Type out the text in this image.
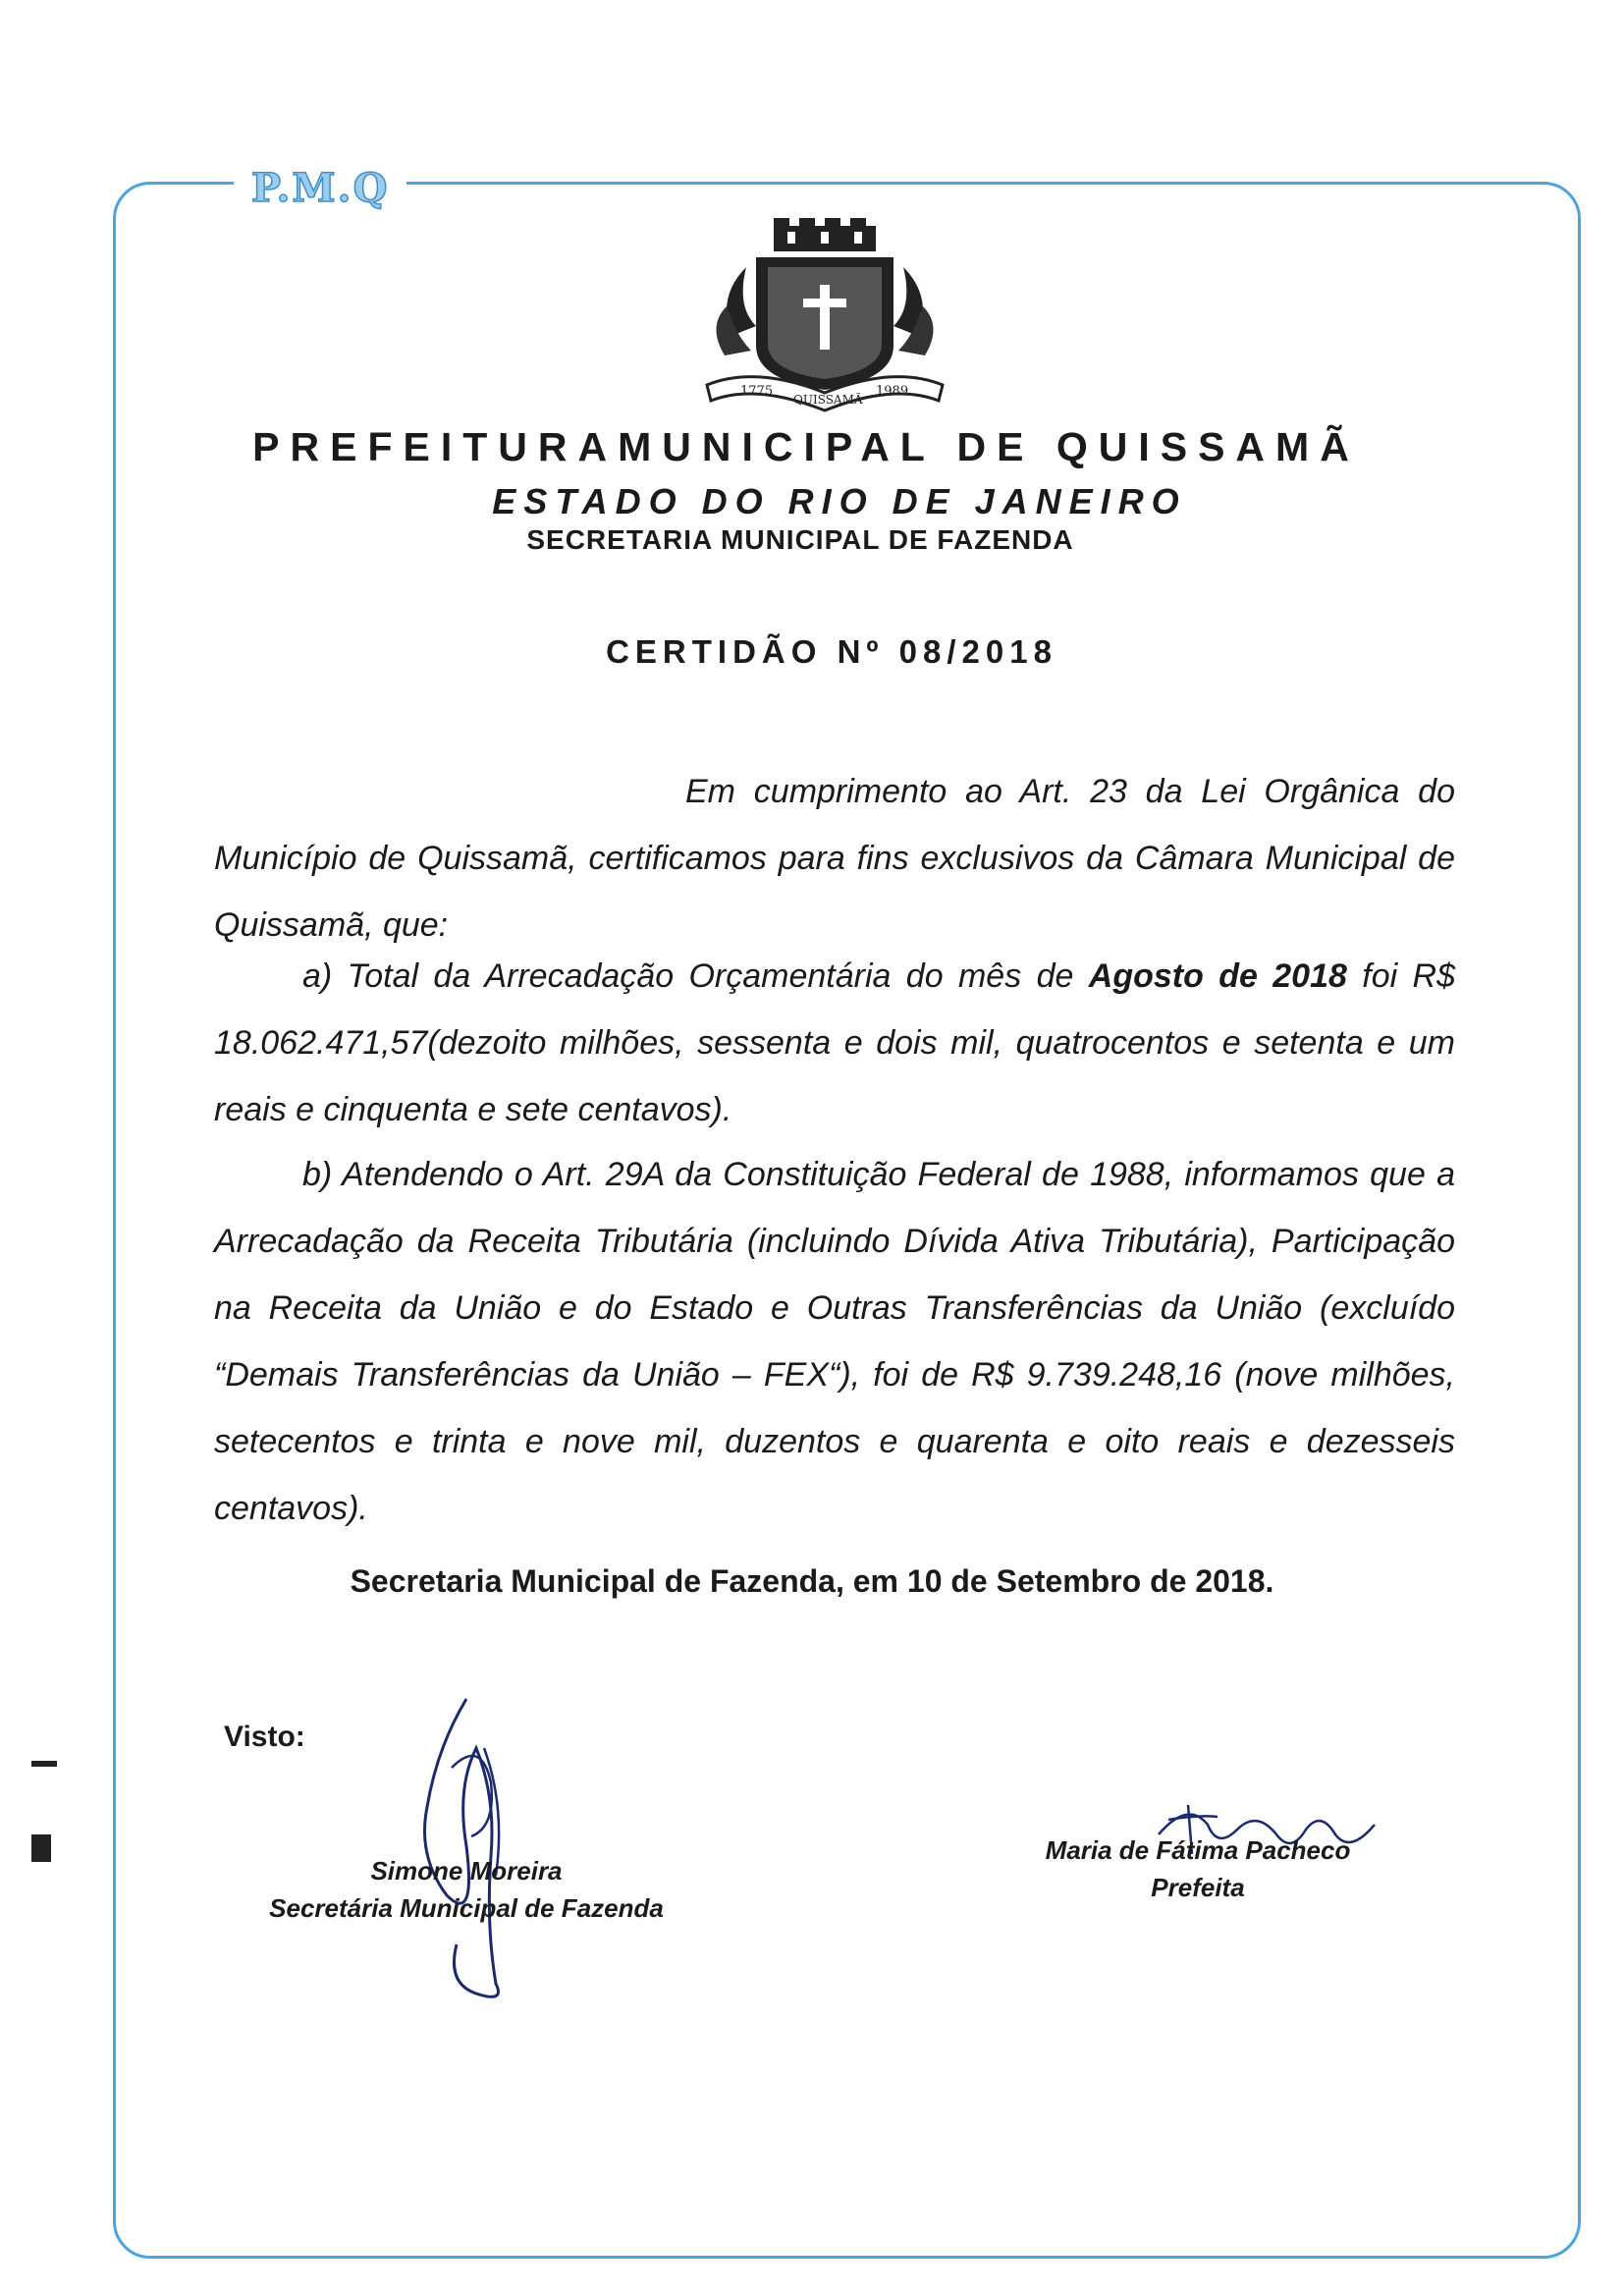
P.M.Q
1775
QUISSAMÃ
1989
PREFEITURAMUNICIPAL DE QUISSAMÃ
ESTADO DO RIO DE JANEIRO
SECRETARIA MUNICIPAL DE FAZENDA
CERTIDÃO Nº 08/2018
Em cumprimento ao Art. 23 da Lei Orgânica do Município de Quissamã, certificamos para fins exclusivos da Câmara Municipal de Quissamã, que:
a) Total da Arrecadação Orçamentária do mês de Agosto de 2018 foi R$ 18.062.471,57(dezoito milhões, sessenta e dois mil, quatrocentos e setenta e um reais e cinquenta e sete centavos).
b) Atendendo o Art. 29A da Constituição Federal de 1988, informamos que a Arrecadação da Receita Tributária (incluindo Dívida Ativa Tributária), Participação na Receita da União e do Estado e Outras Transferências da União (excluído “Demais Transferências da União – FEX“), foi de R$ 9.739.248,16 (nove milhões, setecentos e trinta e nove mil, duzentos e quarenta e oito reais e dezesseis centavos).
Secretaria Municipal de Fazenda, em 10 de Setembro de 2018.
Visto:
Simone Moreira
Secretária Municipal de Fazenda
Maria de Fátima Pacheco
Prefeita
